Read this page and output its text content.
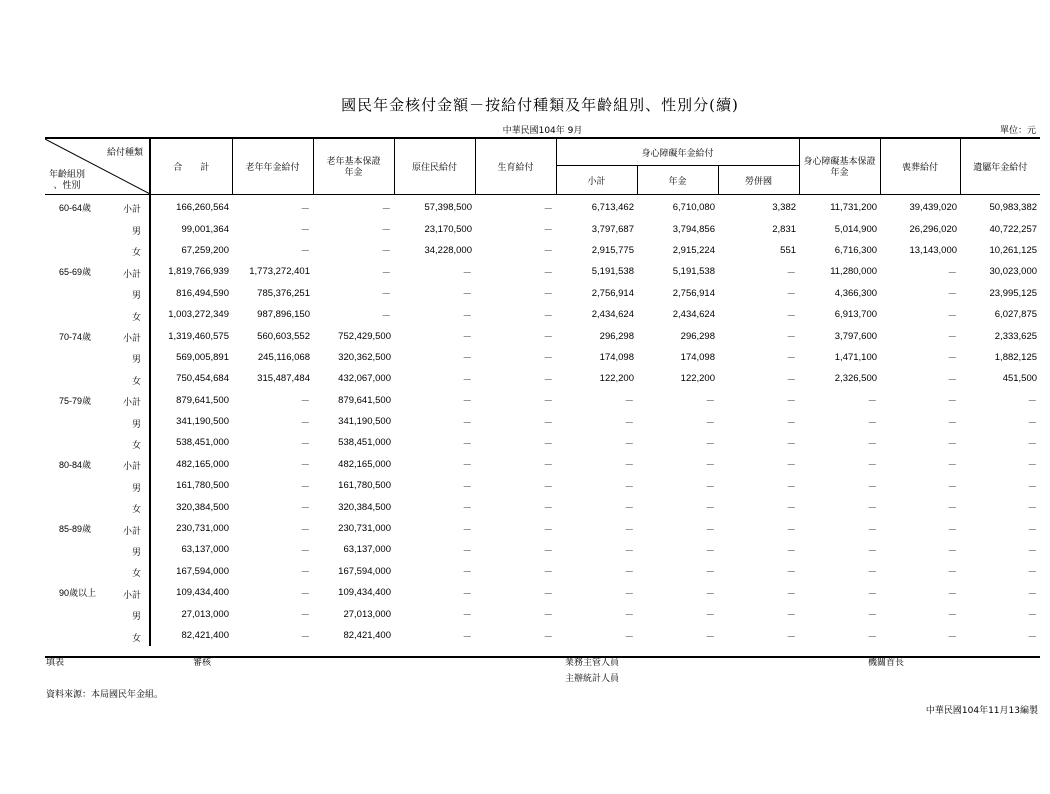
國民年金核付金額－按給付種類及年齡組別、性別分(續)
中華民國104年 9月	單位：元
給付種類
年齡組別
、性別	合　　計	老年年金給付	老年基本保證年金	原住民給付	生育給付	身心障礙年金給付			身心障礙基本保證年金	喪葬給付	遺屬年金給付
						小計	年金	勞併國			
60-64歲 小計	166,260,564	－	－	57,398,500	－	6,713,462	6,710,080	3,382	11,731,200	39,439,020	50,983,382

男	99,001,364	－	－	23,170,500	－	3,797,687	3,794,856	2,831	5,014,900	26,296,020	40,722,257

女	67,259,200	－	－	34,228,000	－	2,915,775	2,915,224	551	6,716,300	13,143,000	10,261,125
65-69歲 小計	1,819,766,939	1,773,272,401	－	－	－	5,191,538	5,191,538	－	11,280,000	－	30,023,000

男	816,494,590	785,376,251	－	－	－	2,756,914	2,756,914	－	4,366,300	－	23,995,125

女	1,003,272,349	987,896,150	－	－	－	2,434,624	2,434,624	－	6,913,700	－	6,027,875
70-74歲 小計	1,319,460,575	560,603,552	752,429,500	－	－	296,298	296,298	－	3,797,600	－	2,333,625

男	569,005,891	245,116,068	320,362,500	－	－	174,098	174,098	－	1,471,100	－	1,882,125

女	750,454,684	315,487,484	432,067,000	－	－	122,200	122,200	－	2,326,500	－	451,500
75-79歲 小計	879,641,500	－	879,641,500	－	－	－	－	－	－	－	－

男	341,190,500	－	341,190,500	－	－	－	－	－	－	－	－

女	538,451,000	－	538,451,000	－	－	－	－	－	－	－	－
80-84歲 小計	482,165,000	－	482,165,000	－	－	－	－	－	－	－	－

男	161,780,500	－	161,780,500	－	－	－	－	－	－	－	－

女	320,384,500	－	320,384,500	－	－	－	－	－	－	－	－
85-89歲 小計	230,731,000	－	230,731,000	－	－	－	－	－	－	－	－

男	63,137,000	－	63,137,000	－	－	－	－	－	－	－	－

女	167,594,000	－	167,594,000	－	－	－	－	－	－	－	－
90歲以上 小計	109,434,400	－	109,434,400	－	－	－	－	－	－	－	－

男	27,013,000	－	27,013,000	－	－	－	－	－	－	－	－

女	82,421,400	－	82,421,400	－	－	－	－	－	－	－	－
填表	審核	業務主管人員
主辦統計人員
機關首長
資料來源：本局國民年金組。
中華民國104年11月13編製
